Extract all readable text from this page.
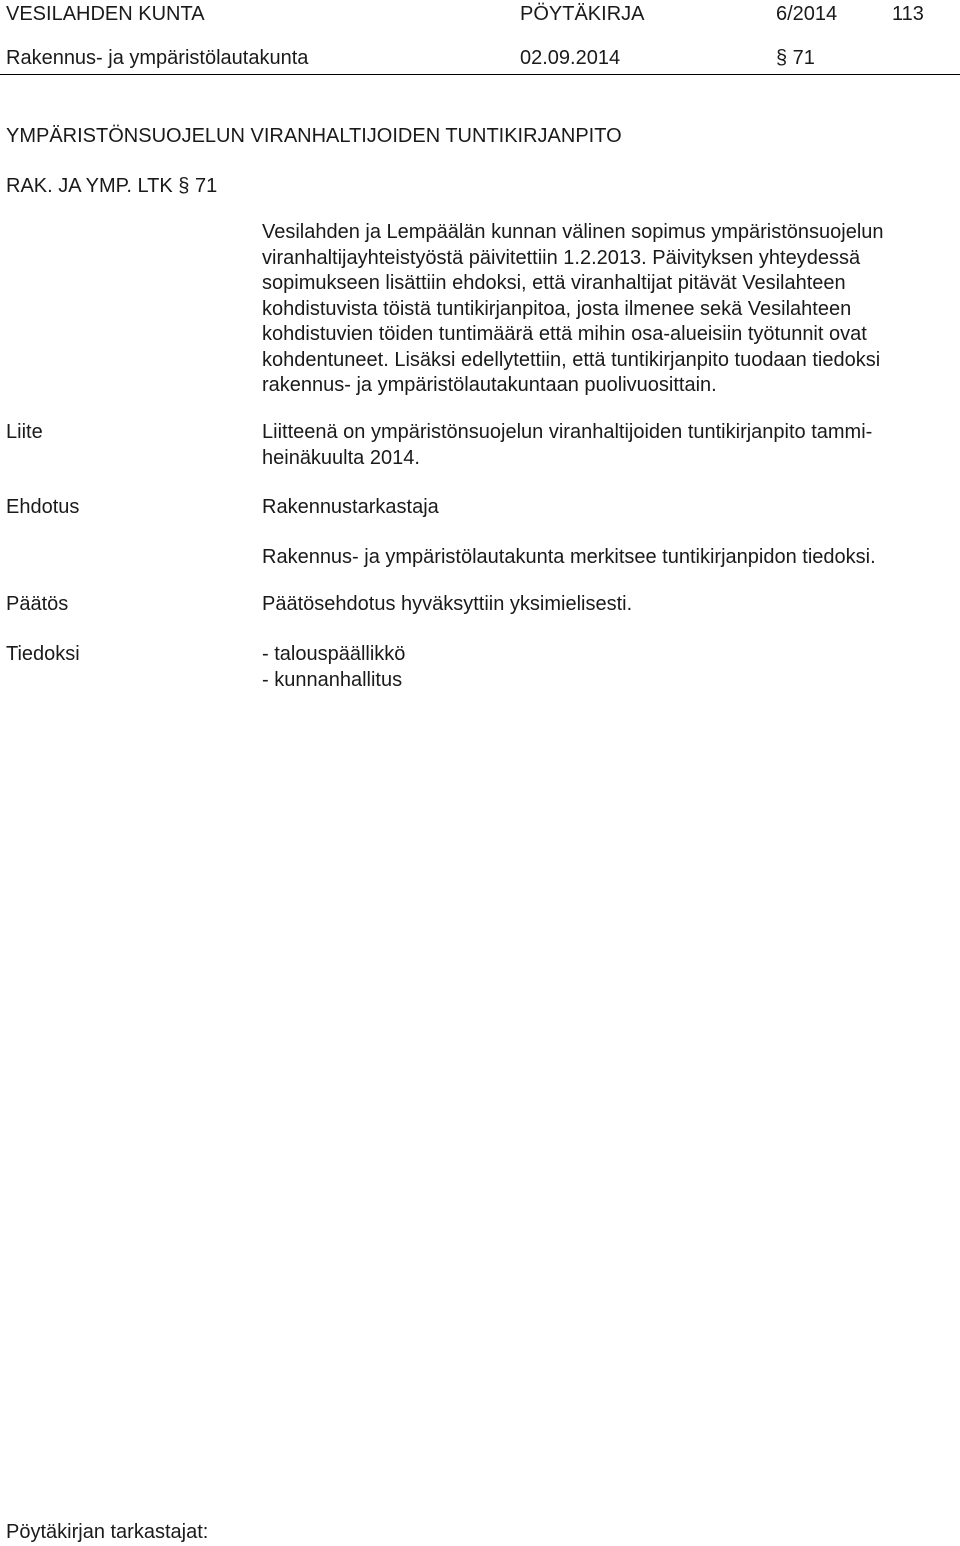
VESILAHDEN KUNTA	PÖYTÄKIRJA	6/2014	113
Rakennus- ja ympäristölautakunta	02.09.2014	§ 71
YMPÄRISTÖNSUOJELUN VIRANHALTIJOIDEN TUNTIKIRJANPITO
RAK. JA YMP. LTK § 71
Vesilahden ja Lempäälän kunnan välinen sopimus ympäristönsuojelun
viranhaltijayhteistyöstä päivitettiin 1.2.2013. Päivityksen yhteydessä
sopimukseen lisättiin ehdoksi, että viranhaltijat pitävät Vesilahteen
kohdistuvista töistä tuntikirjanpitoa, josta ilmenee sekä Vesilahteen
kohdistuvien töiden tuntimäärä että mihin osa-alueisiin työtunnit ovat
kohdentuneet. Lisäksi edellytettiin, että tuntikirjanpito tuodaan tiedoksi
rakennus- ja ympäristölautakuntaan puolivuosittain.
Liite	Liitteenä on ympäristönsuojelun viranhaltijoiden tuntikirjanpito tammi-
heinäkuulta 2014.
Ehdotus	Rakennustarkastaja
Rakennus- ja ympäristölautakunta merkitsee tuntikirjanpidon tiedoksi.
Päätös	Päätösehdotus hyväksyttiin yksimielisesti.
Tiedoksi	- talouspäällikkö
- kunnanhallitus
Pöytäkirjan tarkastajat:
